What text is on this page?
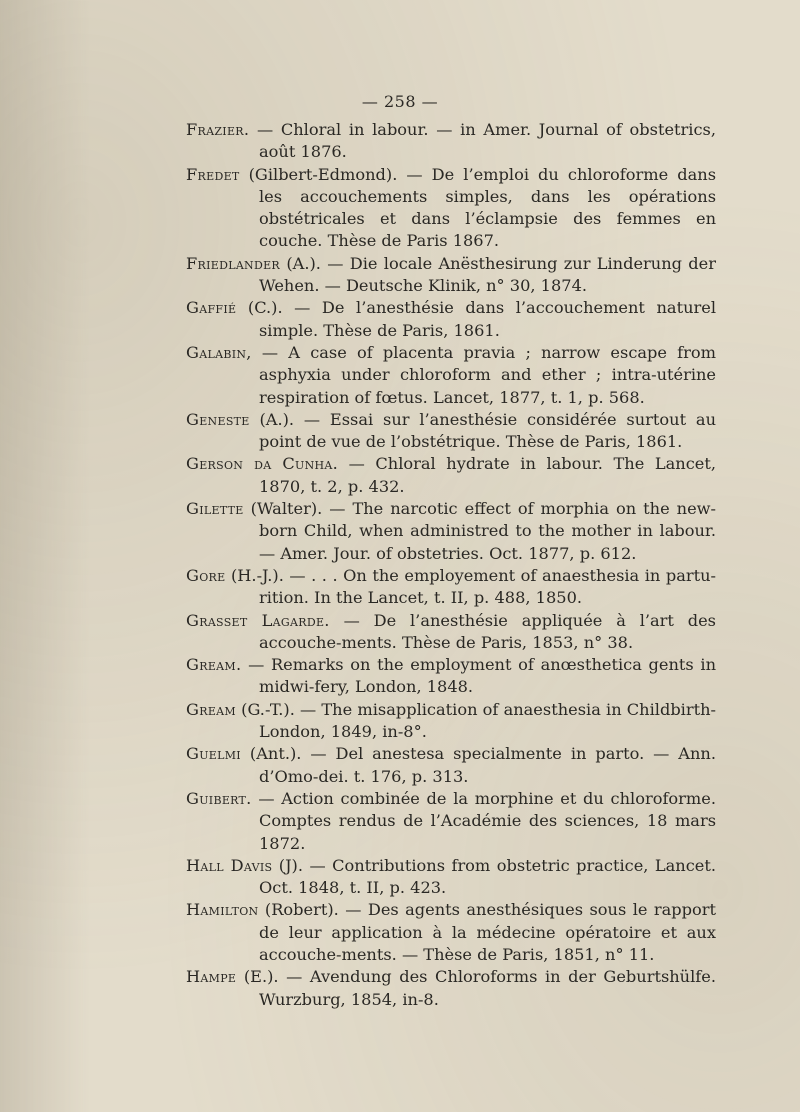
— 258 —

Frazier. — Chloral in labour. — in Amer. Journal of obstetrics, août 1876.

Fredet (Gilbert-Edmond). — De l’emploi du chloroforme dans les accouchements simples, dans les opérations obstétricales et dans l’éclampsie des femmes en couche. Thèse de Paris 1867.

Friedlander (A.). — Die locale Anësthesirung zur Linderung der Wehen. — Deutsche Klinik, n° 30, 1874.

Gaffié (C.). — De l’anesthésie dans l’accouchement naturel simple. Thèse de Paris, 1861.

Galabin, — A case of placenta pravia ; narrow escape from asphyxia under chloroform and ether ; intra-utérine respiration of fœtus. Lancet, 1877, t. 1, p. 568.

Geneste (A.). — Essai sur l’anesthésie considérée surtout au point de vue de l’obstétrique. Thèse de Paris, 1861.

Gerson da Cunha. — Chloral hydrate in labour. The Lancet, 1870, t. 2, p. 432.

Gilette (Walter). — The narcotic effect of morphia on the new-born Child, when administred to the mother in labour. — Amer. Jour. of obstetries. Oct. 1877, p. 612.

Gore (H.-J.). — . . . On the employement of anaesthesia in partu-rition. In the Lancet, t. II, p. 488, 1850.

Grasset Lagarde. — De l’anesthésie appliquée à l’art des accouche-ments. Thèse de Paris, 1853, n° 38.

Gream. — Remarks on the employment of anœsthetica gents in midwi-fery, London, 1848.

Gream (G.-T.). — The misapplication of anaesthesia in Childbirth- London, 1849, in-8°.

Guelmi (Ant.). — Del anestesa specialmente in parto. — Ann. d’Omo-dei. t. 176, p. 313.

Guibert. — Action combinée de la morphine et du chloroforme. Comptes rendus de l’Académie des sciences, 18 mars 1872.

Hall Davis (J). — Contributions from obstetric practice, Lancet. Oct. 1848, t. II, p. 423.

Hamilton (Robert). — Des agents anesthésiques sous le rapport de leur application à la médecine opératoire et aux accouche-ments. — Thèse de Paris, 1851, n° 11.

Hampe (E.). — Avendung des Chloroforms in der Geburtshülfe. Wurzburg, 1854, in-8.
